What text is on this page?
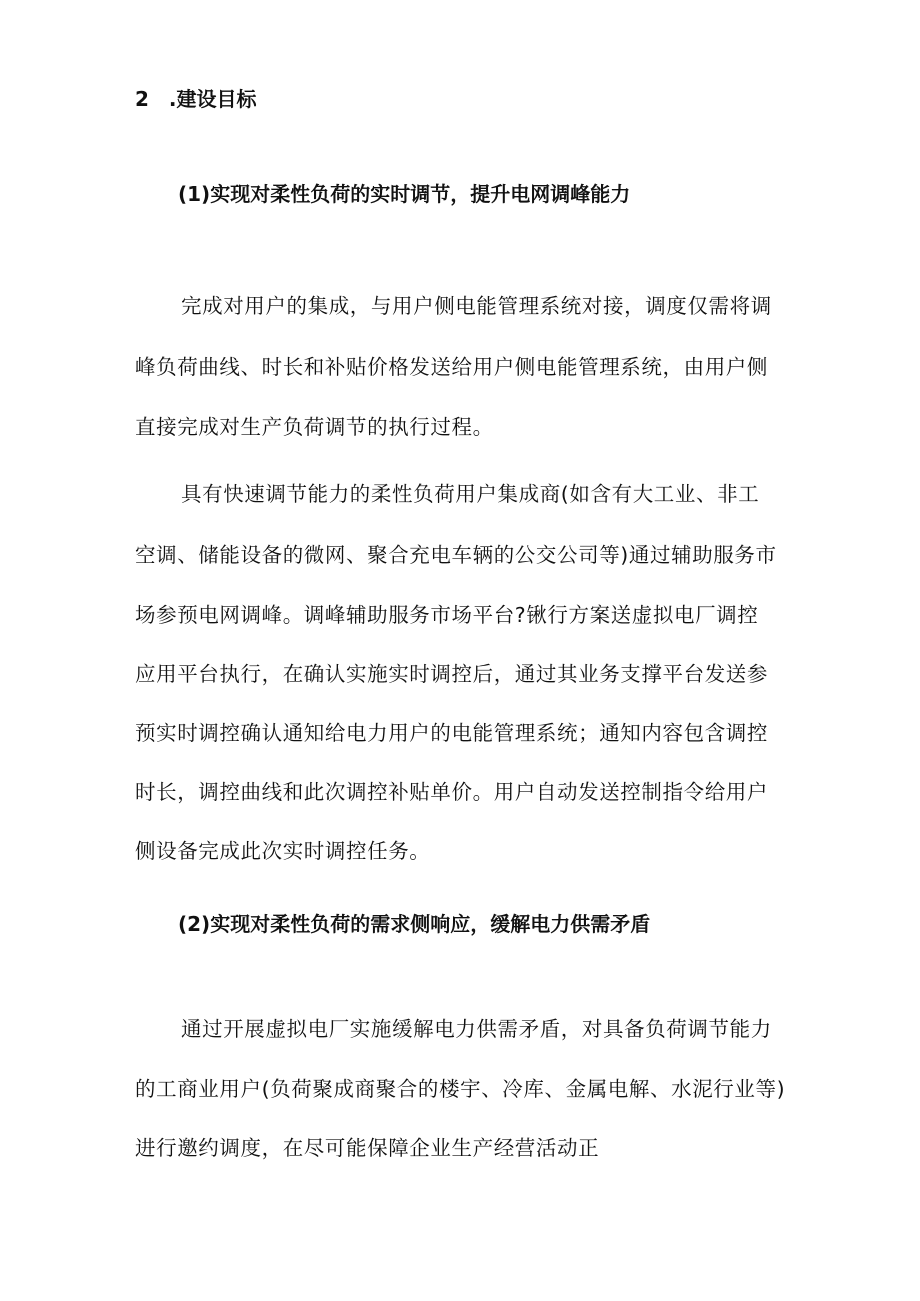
2　.建设目标
(1)实现对柔性负荷的实时调节，提升电网调峰能力

完成对用户的集成，与用户侧电能管理系统对接，调度仅需将调

峰负荷曲线、时长和补贴价格发送给用户侧电能管理系统，由用户侧

直接完成对生产负荷调节的执行过程。

具有快速调节能力的柔性负荷用户集成商(如含有大工业、非工

空调、储能设备的微网、聚合充电车辆的公交公司等)通过辅助服务市

场参预电网调峰。调峰辅助服务市场平台?锹行方案送虚拟电厂调控

应用平台执行，在确认实施实时调控后，通过其业务支撑平台发送参

预实时调控确认通知给电力用户的电能管理系统；通知内容包含调控

时长，调控曲线和此次调控补贴单价。用户自动发送控制指令给用户

侧设备完成此次实时调控任务。

(2)实现对柔性负荷的需求侧响应，缓解电力供需矛盾

通过开展虚拟电厂实施缓解电力供需矛盾，对具备负荷调节能力

的工商业用户(负荷聚成商聚合的楼宇、冷库、金属电解、水泥行业等)

进行邀约调度，在尽可能保障企业生产经营活动正
